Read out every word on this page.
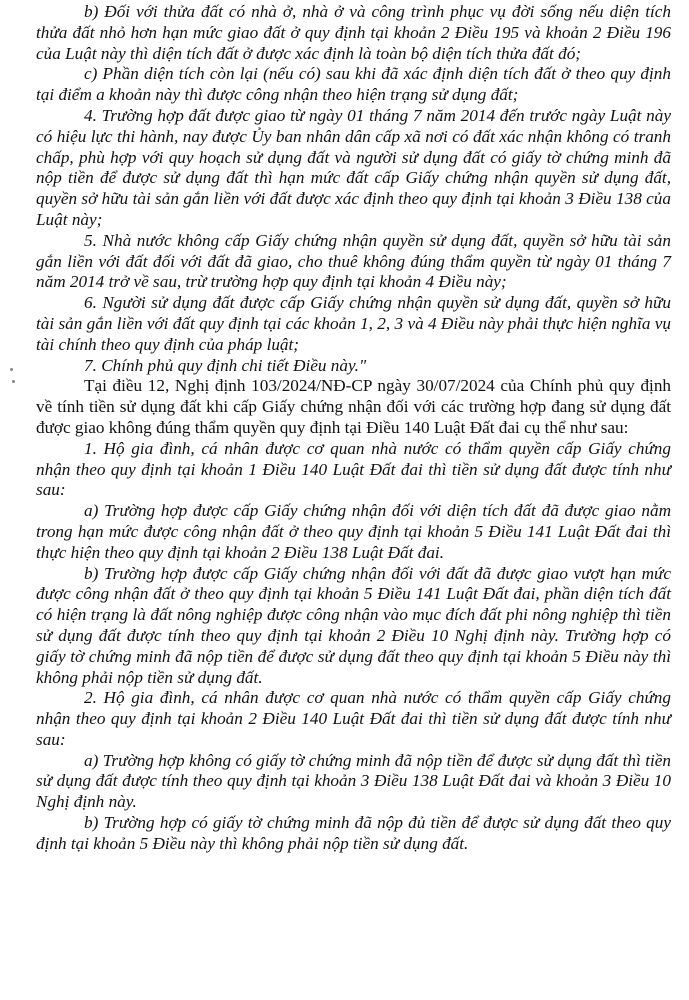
b) Đối với thửa đất có nhà ở, nhà ở và công trình phục vụ đời sống nếu diện tích thửa đất nhỏ hơn hạn mức giao đất ở quy định tại khoản 2 Điều 195 và khoản 2 Điều 196 của Luật này thì diện tích đất ở được xác định là toàn bộ diện tích thửa đất đó;

c) Phần diện tích còn lại (nếu có) sau khi đã xác định diện tích đất ở theo quy định tại điểm a khoản này thì được công nhận theo hiện trạng sử dụng đất;

4. Trường hợp đất được giao từ ngày 01 tháng 7 năm 2014 đến trước ngày Luật này có hiệu lực thi hành, nay được Ủy ban nhân dân cấp xã nơi có đất xác nhận không có tranh chấp, phù hợp với quy hoạch sử dụng đất và người sử dụng đất có giấy tờ chứng minh đã nộp tiền để được sử dụng đất thì hạn mức đất cấp Giấy chứng nhận quyền sử dụng đất, quyền sở hữu tài sản gắn liền với đất được xác định theo quy định tại khoản 3 Điều 138 của Luật này;

5. Nhà nước không cấp Giấy chứng nhận quyền sử dụng đất, quyền sở hữu tài sản gắn liền với đất đối với đất đã giao, cho thuê không đúng thẩm quyền từ ngày 01 tháng 7 năm 2014 trở về sau, trừ trường hợp quy định tại khoản 4 Điều này;

6. Người sử dụng đất được cấp Giấy chứng nhận quyền sử dụng đất, quyền sở hữu tài sản gắn liền với đất quy định tại các khoản 1, 2, 3 và 4 Điều này phải thực hiện nghĩa vụ tài chính theo quy định của pháp luật;

7. Chính phủ quy định chi tiết Điều này."

Tại điều 12, Nghị định 103/2024/NĐ-CP ngày 30/07/2024 của Chính phủ quy định về tính tiền sử dụng đất khi cấp Giấy chứng nhận đối với các trường hợp đang sử dụng đất được giao không đúng thẩm quyền quy định tại Điều 140 Luật Đất đai cụ thể như sau:

1. Hộ gia đình, cá nhân được cơ quan nhà nước có thẩm quyền cấp Giấy chứng nhận theo quy định tại khoản 1 Điều 140 Luật Đất đai thì tiền sử dụng đất được tính như sau:

a) Trường hợp được cấp Giấy chứng nhận đối với diện tích đất đã được giao nằm trong hạn mức được công nhận đất ở theo quy định tại khoản 5 Điều 141 Luật Đất đai thì thực hiện theo quy định tại khoản 2 Điều 138 Luật Đất đai.

b) Trường hợp được cấp Giấy chứng nhận đối với đất đã được giao vượt hạn mức được công nhận đất ở theo quy định tại khoản 5 Điều 141 Luật Đất đai, phần diện tích đất có hiện trạng là đất nông nghiệp được công nhận vào mục đích đất phi nông nghiệp thì tiền sử dụng đất được tính theo quy định tại khoản 2 Điều 10 Nghị định này. Trường hợp có giấy tờ chứng minh đã nộp tiền để được sử dụng đất theo quy định tại khoản 5 Điều này thì không phải nộp tiền sử dụng đất.

2. Hộ gia đình, cá nhân được cơ quan nhà nước có thẩm quyền cấp Giấy chứng nhận theo quy định tại khoản 2 Điều 140 Luật Đất đai thì tiền sử dụng đất được tính như sau:

a) Trường hợp không có giấy tờ chứng minh đã nộp tiền để được sử dụng đất thì tiền sử dụng đất được tính theo quy định tại khoản 3 Điều 138 Luật Đất đai và khoản 3 Điều 10 Nghị định này.

b) Trường hợp có giấy tờ chứng minh đã nộp đủ tiền để được sử dụng đất theo quy định tại khoản 5 Điều này thì không phải nộp tiền sử dụng đất.
